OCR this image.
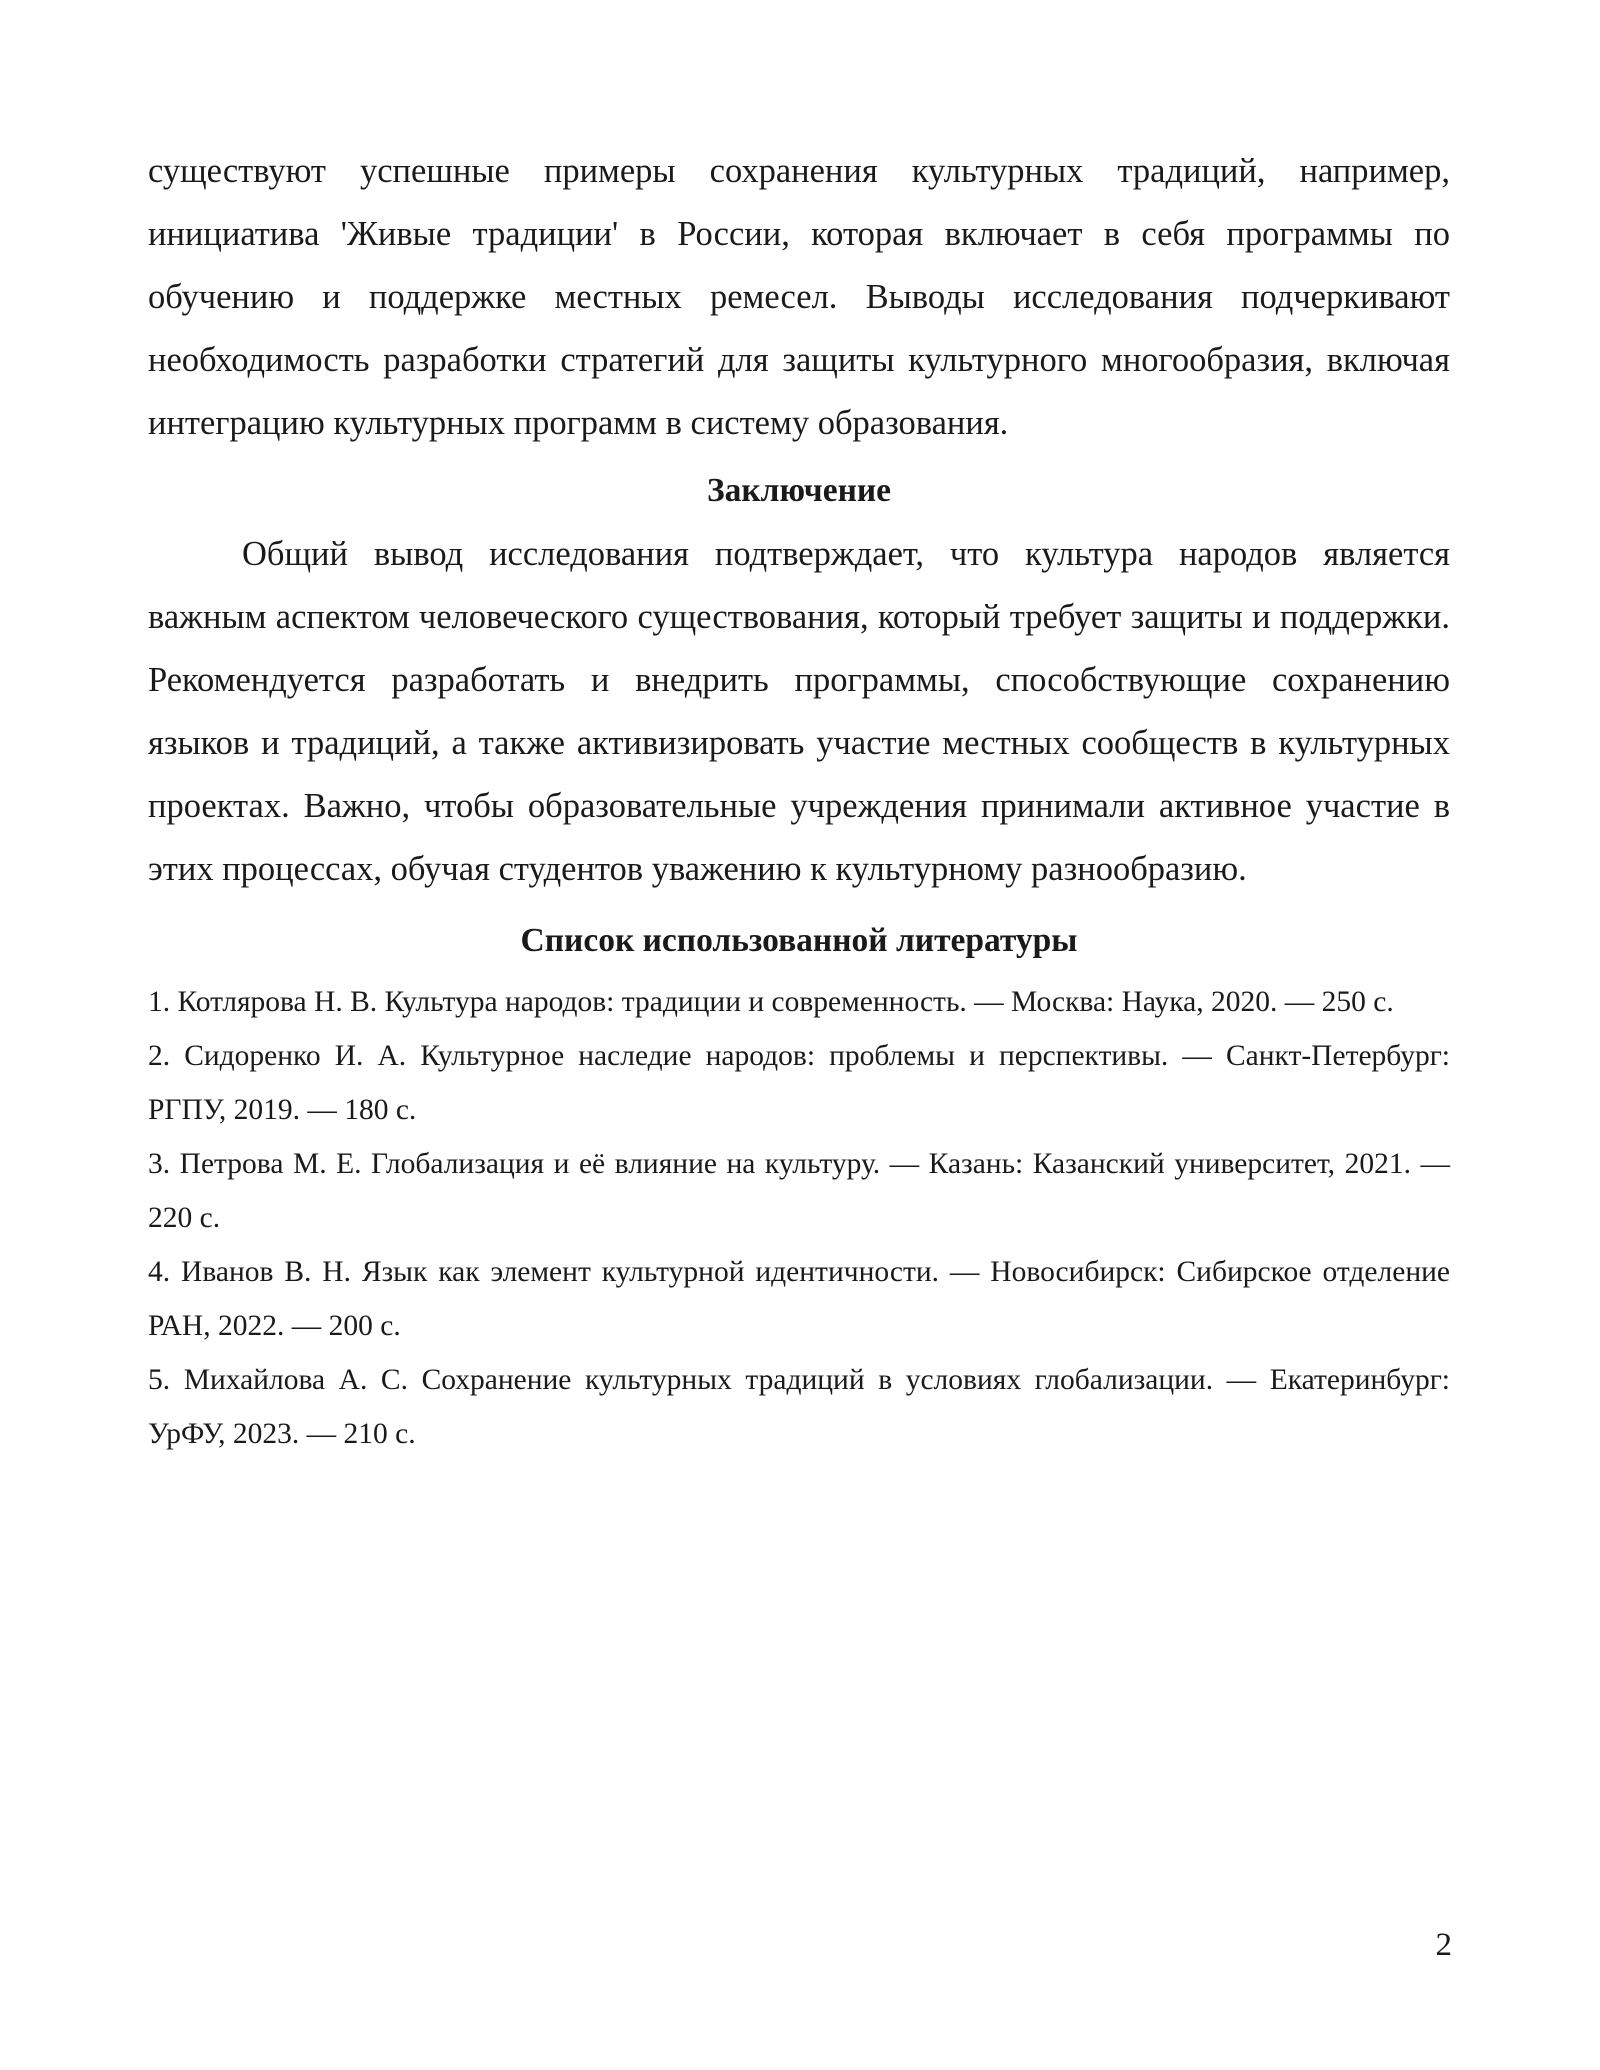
существуют успешные примеры сохранения культурных традиций, например, инициатива 'Живые традиции' в России, которая включает в себя программы по обучению и поддержке местных ремесел. Выводы исследования подчеркивают необходимость разработки стратегий для защиты культурного многообразия, включая интеграцию культурных программ в систему образования.

Заключение

Общий вывод исследования подтверждает, что культура народов является важным аспектом человеческого существования, который требует защиты и поддержки. Рекомендуется разработать и внедрить программы, способствующие сохранению языков и традиций, а также активизировать участие местных сообществ в культурных проектах. Важно, чтобы образовательные учреждения принимали активное участие в этих процессах, обучая студентов уважению к культурному разнообразию.

Список использованной литературы
1. Котлярова Н. В. Культура народов: традиции и современность. — Москва: Наука, 2020. — 250 с.
2. Сидоренко И. А. Культурное наследие народов: проблемы и перспективы. — Санкт-Петербург: РГПУ, 2019. — 180 с.
3. Петрова М. Е. Глобализация и её влияние на культуру. — Казань: Казанский университет, 2021. — 220 с.
4. Иванов В. Н. Язык как элемент культурной идентичности. — Новосибирск: Сибирское отделение РАН, 2022. — 200 с.
5. Михайлова А. С. Сохранение культурных традиций в условиях глобализации. — Екатеринбург: УрФУ, 2023. — 210 с.
2
